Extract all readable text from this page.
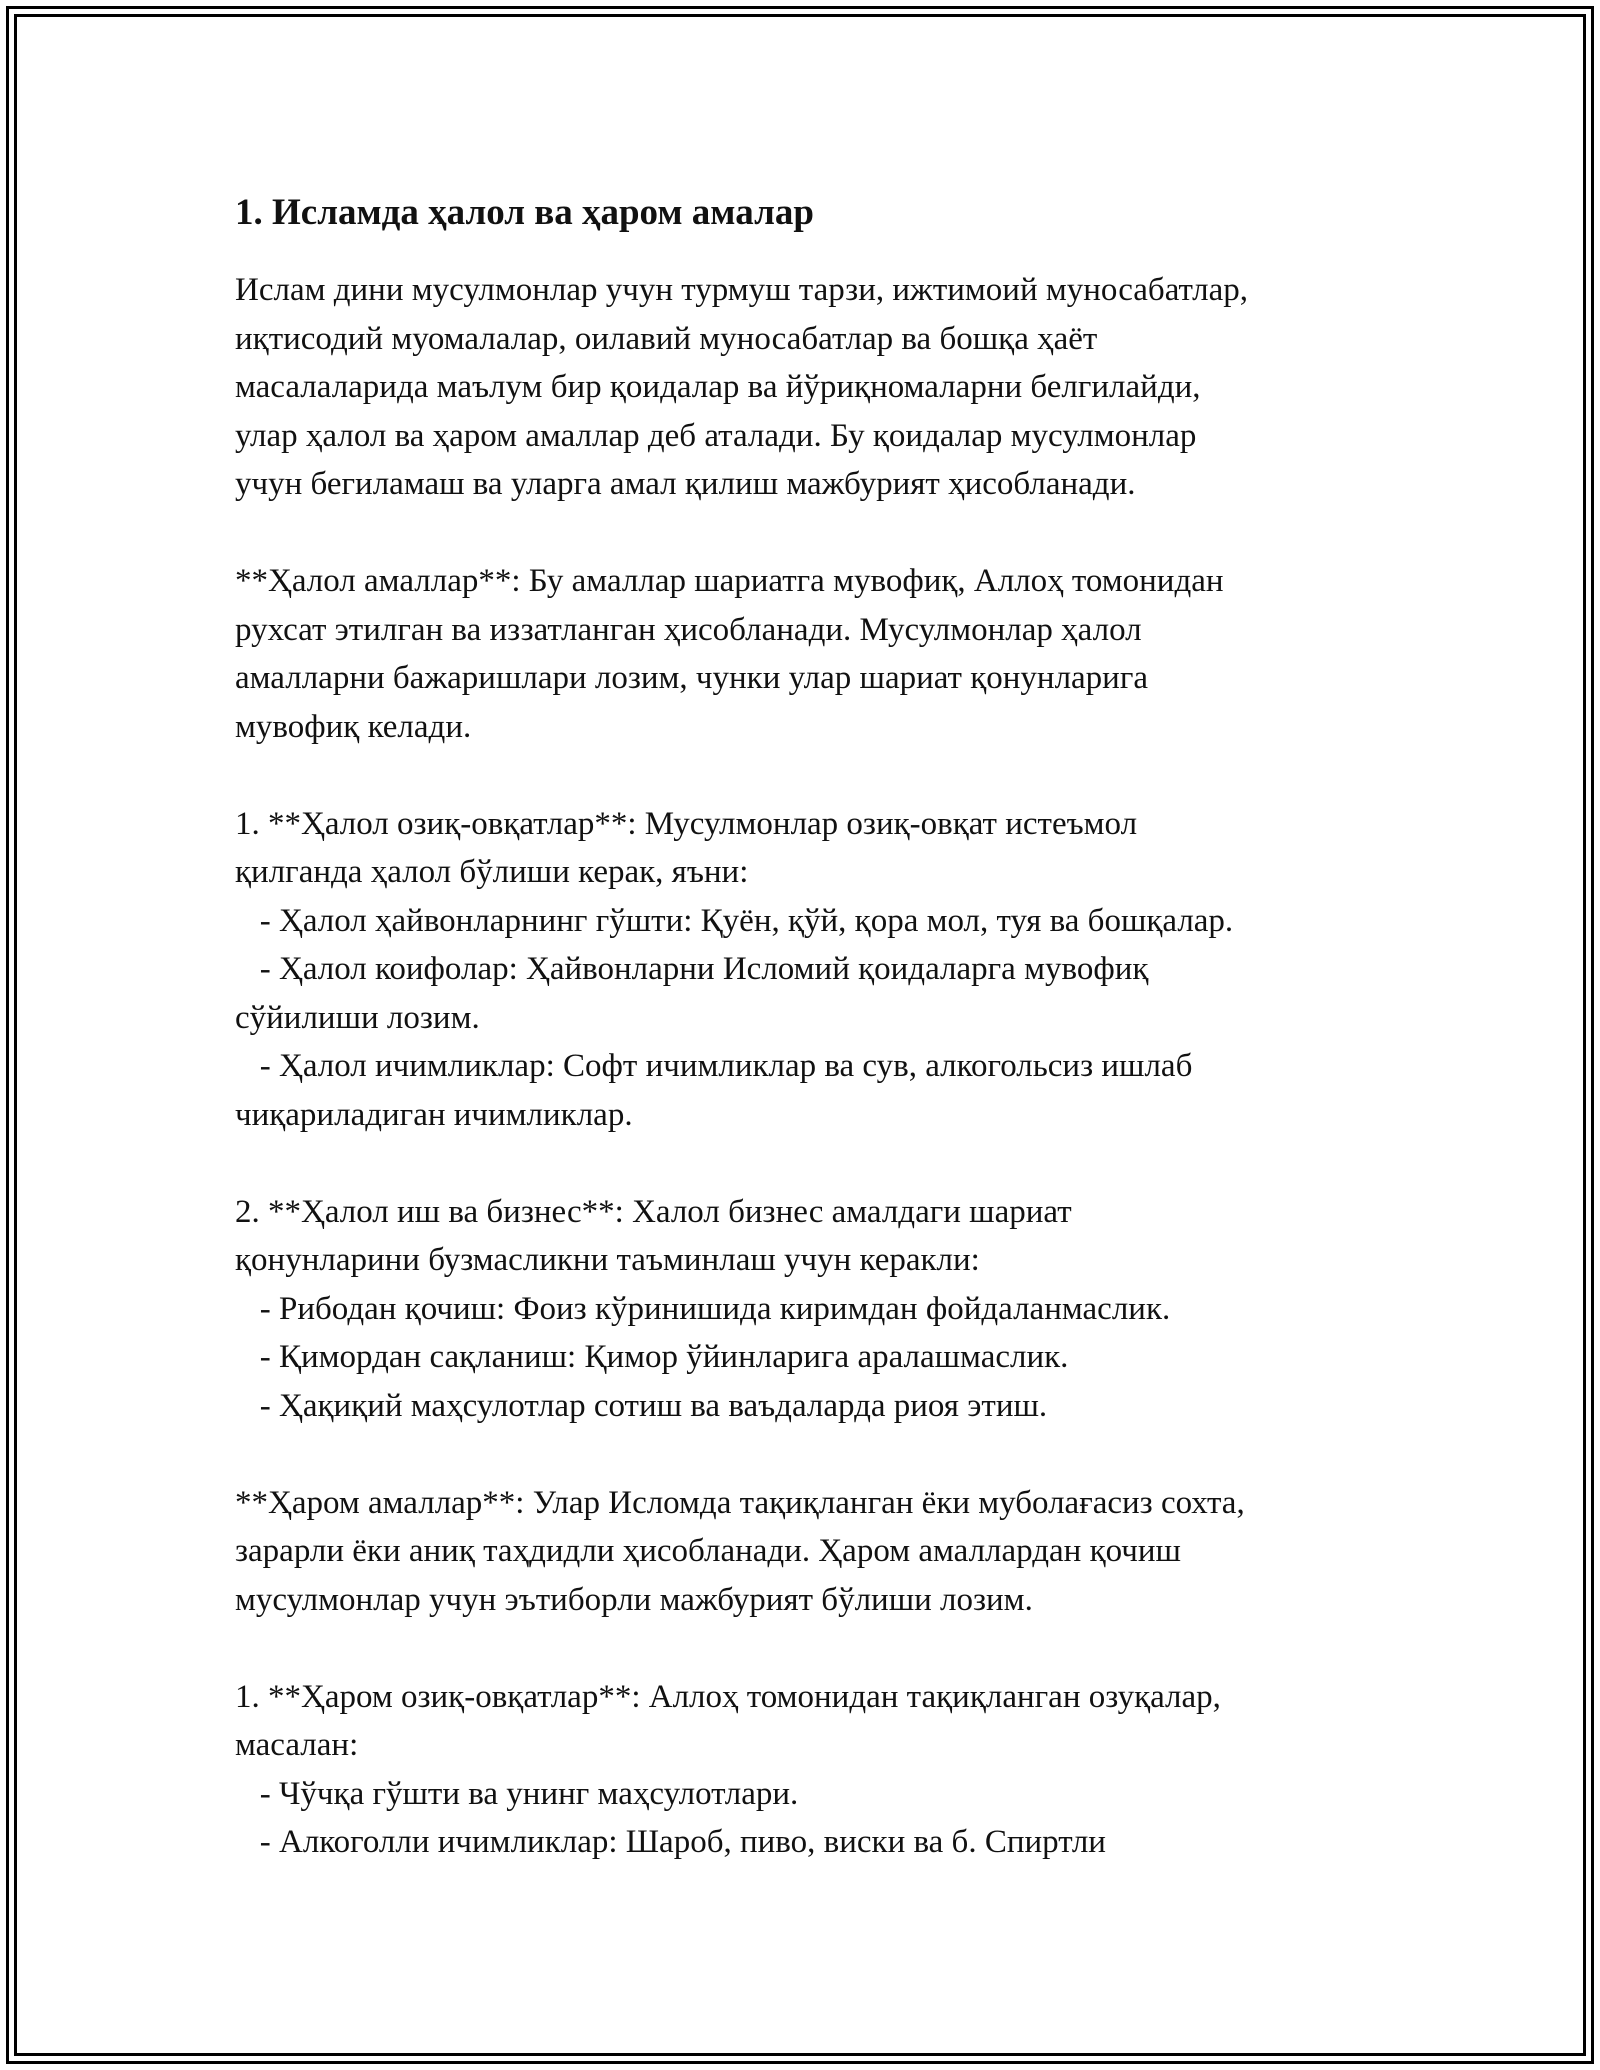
1. Исламда ҳалол ва ҳаром амалар

Ислам дини мусулмонлар учун турмуш тарзи, ижтимоий муносабатлар,
иқтисодий муомалалар, оилавий муносабатлар ва бошқа ҳаёт
масалаларида маълум бир қоидалар ва йўриқномаларни белгилайди,
улар ҳалол ва ҳаром амаллар деб аталади. Бу қоидалар мусулмонлар
учун бегиламаш ва уларга амал қилиш мажбурият ҳисобланади.

**Ҳалол амаллар**: Бу амаллар шариатга мувофиқ, Аллоҳ томонидан
рухсат этилган ва иззатланган ҳисобланади. Мусулмонлар ҳалол
амалларни бажаришлари лозим, чунки улар шариат қонунларига
мувофиқ келади.

1. **Ҳалол озиқ-овқатлар**: Мусулмонлар озиқ-овқат истеъмол
қилганда ҳалол бўлиши керак, яъни:
- Ҳалол ҳайвонларнинг гўшти: Қуён, қўй, қора мол, туя ва бошқалар.
- Ҳалол коифолар: Ҳайвонларни Исломий қоидаларга мувофиқ
сўйилиши лозим.
- Ҳалол ичимликлар: Софт ичимликлар ва сув, алкогольсиз ишлаб
чиқариладиган ичимликлар.

2. **Ҳалол иш ва бизнес**: Халол бизнес амалдаги шариат
қонунларини бузмасликни таъминлаш учун керакли:
- Рибодан қочиш: Фоиз кўринишида киримдан фойдаланмаслик.
- Қимордан сақланиш: Қимор ўйинларига аралашмаслик.
- Ҳақиқий маҳсулотлар сотиш ва ваъдаларда риоя этиш.

**Ҳаром амаллар**: Улар Исломда тақиқланган ёки муболағасиз сохта,
зарарли ёки аниқ таҳдидли ҳисобланади. Ҳаром амаллардан қочиш
мусулмонлар учун эътиборли мажбурият бўлиши лозим.

1. **Ҳаром озиқ-овқатлар**: Аллоҳ томонидан тақиқланган озуқалар,
масалан:
- Чўчқа гўшти ва унинг маҳсулотлари.
- Алкоголли ичимликлар: Шароб, пиво, виски ва б. Спиртли
